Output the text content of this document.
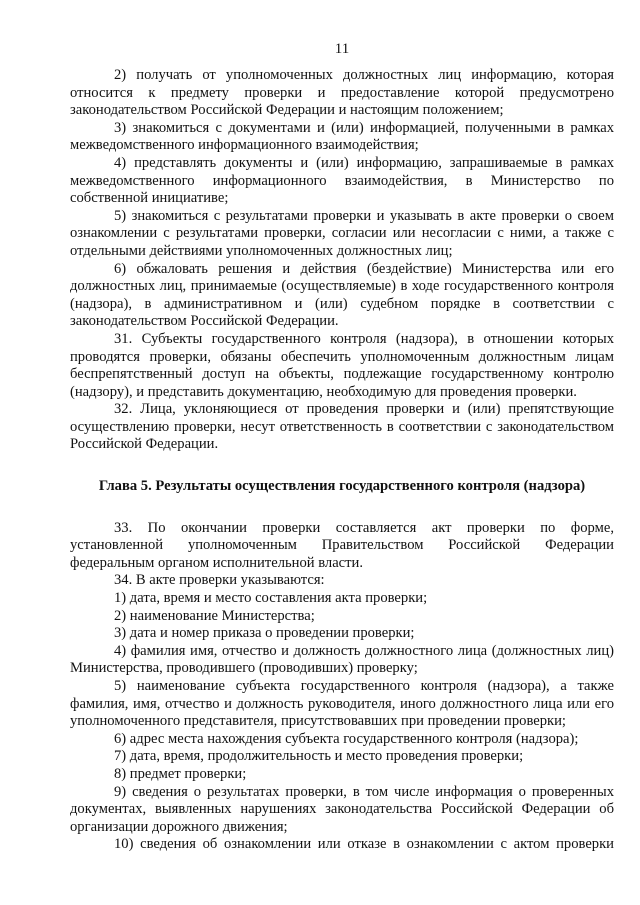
11

2) получать от уполномоченных должностных лиц информацию, которая относится к предмету проверки и предоставление которой предусмотрено законодательством Российской Федерации и настоящим положением;

3) знакомиться с документами и (или) информацией, полученными в рамках межведомственного информационного взаимодействия;

4) представлять документы и (или) информацию, запрашиваемые в рамках межведомственного информационного взаимодействия, в Министерство по собственной инициативе;

5) знакомиться с результатами проверки и указывать в акте проверки о своем ознакомлении с результатами проверки, согласии или несогласии с ними, а также с отдельными действиями уполномоченных должностных лиц;

6) обжаловать решения и действия (бездействие) Министерства или его должностных лиц, принимаемые (осуществляемые) в ходе государственного контроля (надзора), в административном и (или) судебном порядке в соответствии с законодательством Российской Федерации.

31. Субъекты государственного контроля (надзора), в отношении которых проводятся проверки, обязаны обеспечить уполномоченным должностным лицам беспрепятственный доступ на объекты, подлежащие государственному контролю (надзору), и представить документацию, необходимую для проведения проверки.

32. Лица, уклоняющиеся от проведения проверки и (или) препятствующие осуществлению проверки, несут ответственность в соответствии с законодательством Российской Федерации.

Глава 5. Результаты осуществления государственного контроля (надзора)

33. По окончании проверки составляется акт проверки по форме, установленной уполномоченным Правительством Российской Федерации федеральным органом исполнительной власти.

34. В акте проверки указываются:

1) дата, время и место составления акта проверки;

2) наименование Министерства;

3) дата и номер приказа о проведении проверки;

4) фамилия имя, отчество и должность должностного лица (должностных лиц) Министерства, проводившего (проводивших) проверку;

5) наименование субъекта государственного контроля (надзора), а также фамилия, имя, отчество и должность руководителя, иного должностного лица или его уполномоченного представителя, присутствовавших при проведении проверки;

6) адрес места нахождения субъекта государственного контроля (надзора);

7) дата, время, продолжительность и место проведения проверки;

8) предмет проверки;

9) сведения о результатах проверки, в том числе информация о проверенных документах, выявленных нарушениях законодательства Российской Федерации об организации дорожного движения;

10) сведения об ознакомлении или отказе в ознакомлении с актом проверки
